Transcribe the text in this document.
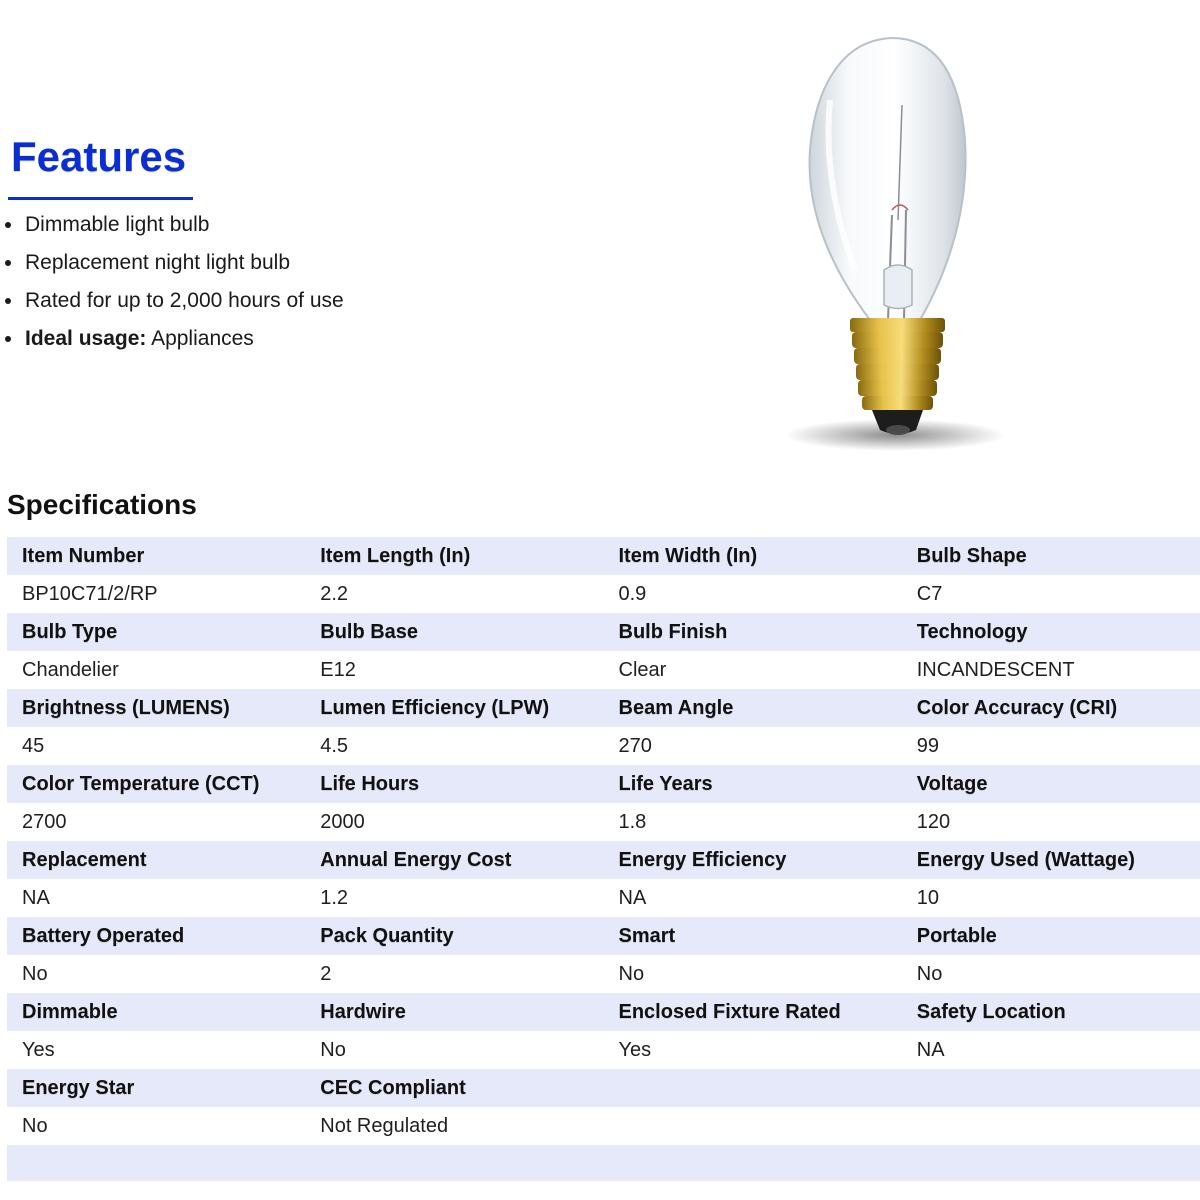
Features
Dimmable light bulb
Replacement night light bulb
Rated for up to 2,000 hours of use
Ideal usage: Appliances
Specifications
Item Number	Item Length (In)	Item Width (In)	Bulb Shape
BP10C71/2/RP	2.2	0.9	C7
Bulb Type	Bulb Base	Bulb Finish	Technology
Chandelier	E12	Clear	INCANDESCENT
Brightness (LUMENS)	Lumen Efficiency (LPW)	Beam Angle	Color Accuracy (CRI)
45	4.5	270	99
Color Temperature (CCT)	Life Hours	Life Years	Voltage
2700	2000	1.8	120
Replacement	Annual Energy Cost	Energy Efficiency	Energy Used (Wattage)
NA	1.2	NA	10
Battery Operated	Pack Quantity	Smart	Portable
No	2	No	No
Dimmable	Hardwire	Enclosed Fixture Rated	Safety Location
Yes	No	Yes	NA
Energy Star	CEC Compliant
No	Not Regulated
